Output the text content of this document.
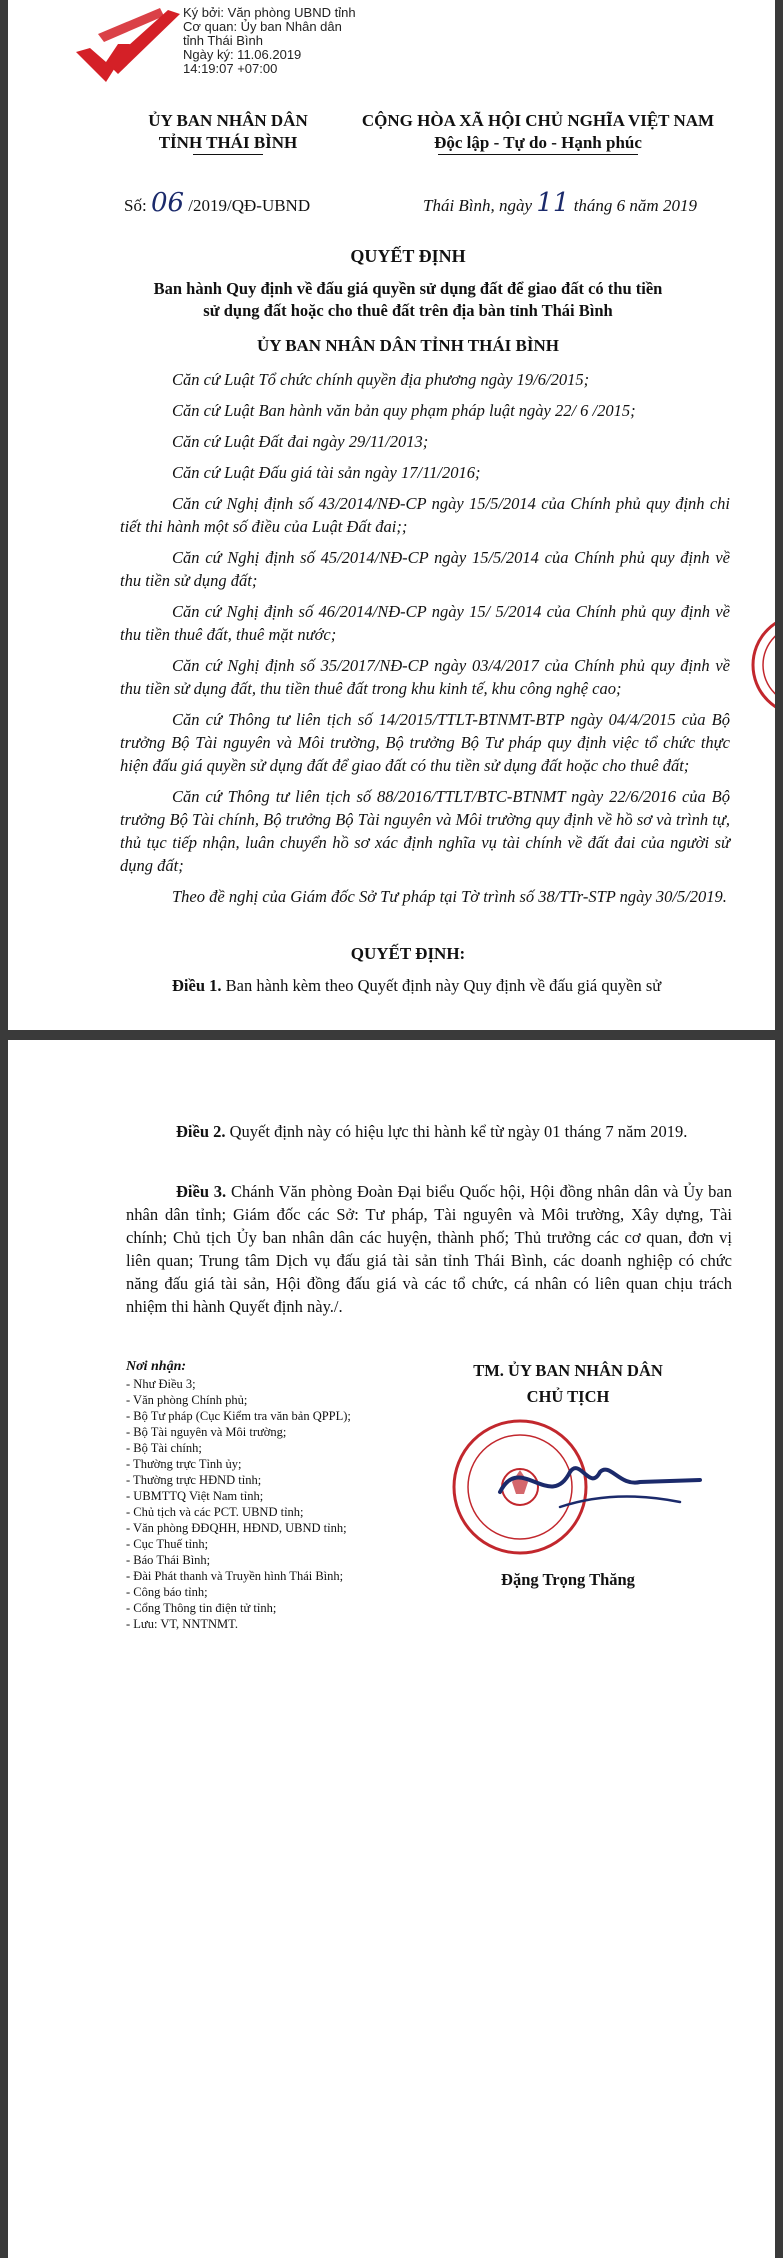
Ký bởi: Văn phòng UBND tỉnh
Cơ quan: Ủy ban Nhân dân tỉnh Thái Bình
Ngày ký: 11.06.2019
14:19:07 +07:00
ỦY BAN NHÂN DÂN
TỈNH THÁI BÌNH
CỘNG HÒA XÃ HỘI CHỦ NGHĨA VIỆT NAM
Độc lập - Tự do - Hạnh phúc
Số: 06 /2019/QĐ-UBND	Thái Bình, ngày 11 tháng 6 năm 2019
QUYẾT ĐỊNH
Ban hành Quy định về đấu giá quyền sử dụng đất để giao đất có thu tiền
sử dụng đất hoặc cho thuê đất trên địa bàn tỉnh Thái Bình
ỦY BAN NHÂN DÂN TỈNH THÁI BÌNH
Căn cứ Luật Tổ chức chính quyền địa phương ngày 19/6/2015;
Căn cứ Luật Ban hành văn bản quy phạm pháp luật ngày 22/ 6 /2015;
Căn cứ Luật Đất đai ngày 29/11/2013;
Căn cứ Luật Đấu giá tài sản ngày 17/11/2016;
Căn cứ Nghị định số 43/2014/NĐ-CP ngày 15/5/2014 của Chính phủ quy định chi tiết thi hành một số điều của Luật Đất đai;;
Căn cứ Nghị định số 45/2014/NĐ-CP ngày 15/5/2014 của Chính phủ quy định về thu tiền sử dụng đất;
Căn cứ Nghị định số 46/2014/NĐ-CP ngày 15/ 5/2014 của Chính phủ quy định về thu tiền thuê đất, thuê mặt nước;
Căn cứ Nghị định số 35/2017/NĐ-CP ngày 03/4/2017 của Chính phủ quy định về thu tiền sử dụng đất, thu tiền thuê đất trong khu kinh tế, khu công nghệ cao;
Căn cứ Thông tư liên tịch số 14/2015/TTLT-BTNMT-BTP ngày 04/4/2015 của Bộ trưởng Bộ Tài nguyên và Môi trường, Bộ trưởng Bộ Tư pháp quy định việc tổ chức thực hiện đấu giá quyền sử dụng đất để giao đất có thu tiền sử dụng đất hoặc cho thuê đất;
Căn cứ Thông tư liên tịch số 88/2016/TTLT/BTC-BTNMT ngày 22/6/2016 của Bộ trưởng Bộ Tài chính, Bộ trưởng Bộ Tài nguyên và Môi trường quy định về hồ sơ và trình tự, thủ tục tiếp nhận, luân chuyển hồ sơ xác định nghĩa vụ tài chính về đất đai của người sử dụng đất;
Theo đề nghị của Giám đốc Sở Tư pháp tại Tờ trình số 38/TTr-STP ngày 30/5/2019.
QUYẾT ĐỊNH:
Điều 1. Ban hành kèm theo Quyết định này Quy định về đấu giá quyền sử
Điều 2. Quyết định này có hiệu lực thi hành kể từ ngày 01 tháng 7 năm 2019.
Điều 3. Chánh Văn phòng Đoàn Đại biểu Quốc hội, Hội đồng nhân dân và Ủy ban nhân dân tỉnh; Giám đốc các Sở: Tư pháp, Tài nguyên và Môi trường, Xây dựng, Tài chính; Chủ tịch Ủy ban nhân dân các huyện, thành phố; Thủ trưởng các cơ quan, đơn vị liên quan; Trung tâm Dịch vụ đấu giá tài sản tỉnh Thái Bình, các doanh nghiệp có chức năng đấu giá tài sản, Hội đồng đấu giá và các tổ chức, cá nhân có liên quan chịu trách nhiệm thi hành Quyết định này./.
Nơi nhận:
- Như Điều 3;
- Văn phòng Chính phủ;
- Bộ Tư pháp (Cục Kiểm tra văn bản QPPL);
- Bộ Tài nguyên và Môi trường;
- Bộ Tài chính;
- Thường trực Tỉnh ủy;
- Thường trực HĐND tỉnh;
- UBMTTQ Việt Nam tỉnh;
- Chủ tịch và các PCT. UBND tỉnh;
- Văn phòng ĐĐQHH, HĐND, UBND tỉnh;
- Cục Thuế tỉnh;
- Báo Thái Bình;
- Đài Phát thanh và Truyền hình Thái Bình;
- Công báo tỉnh;
- Cổng Thông tin điện tử tỉnh;
- Lưu: VT, NNTNMT.
TM. ỦY BAN NHÂN DÂN
CHỦ TỊCH
Đặng Trọng Thăng
